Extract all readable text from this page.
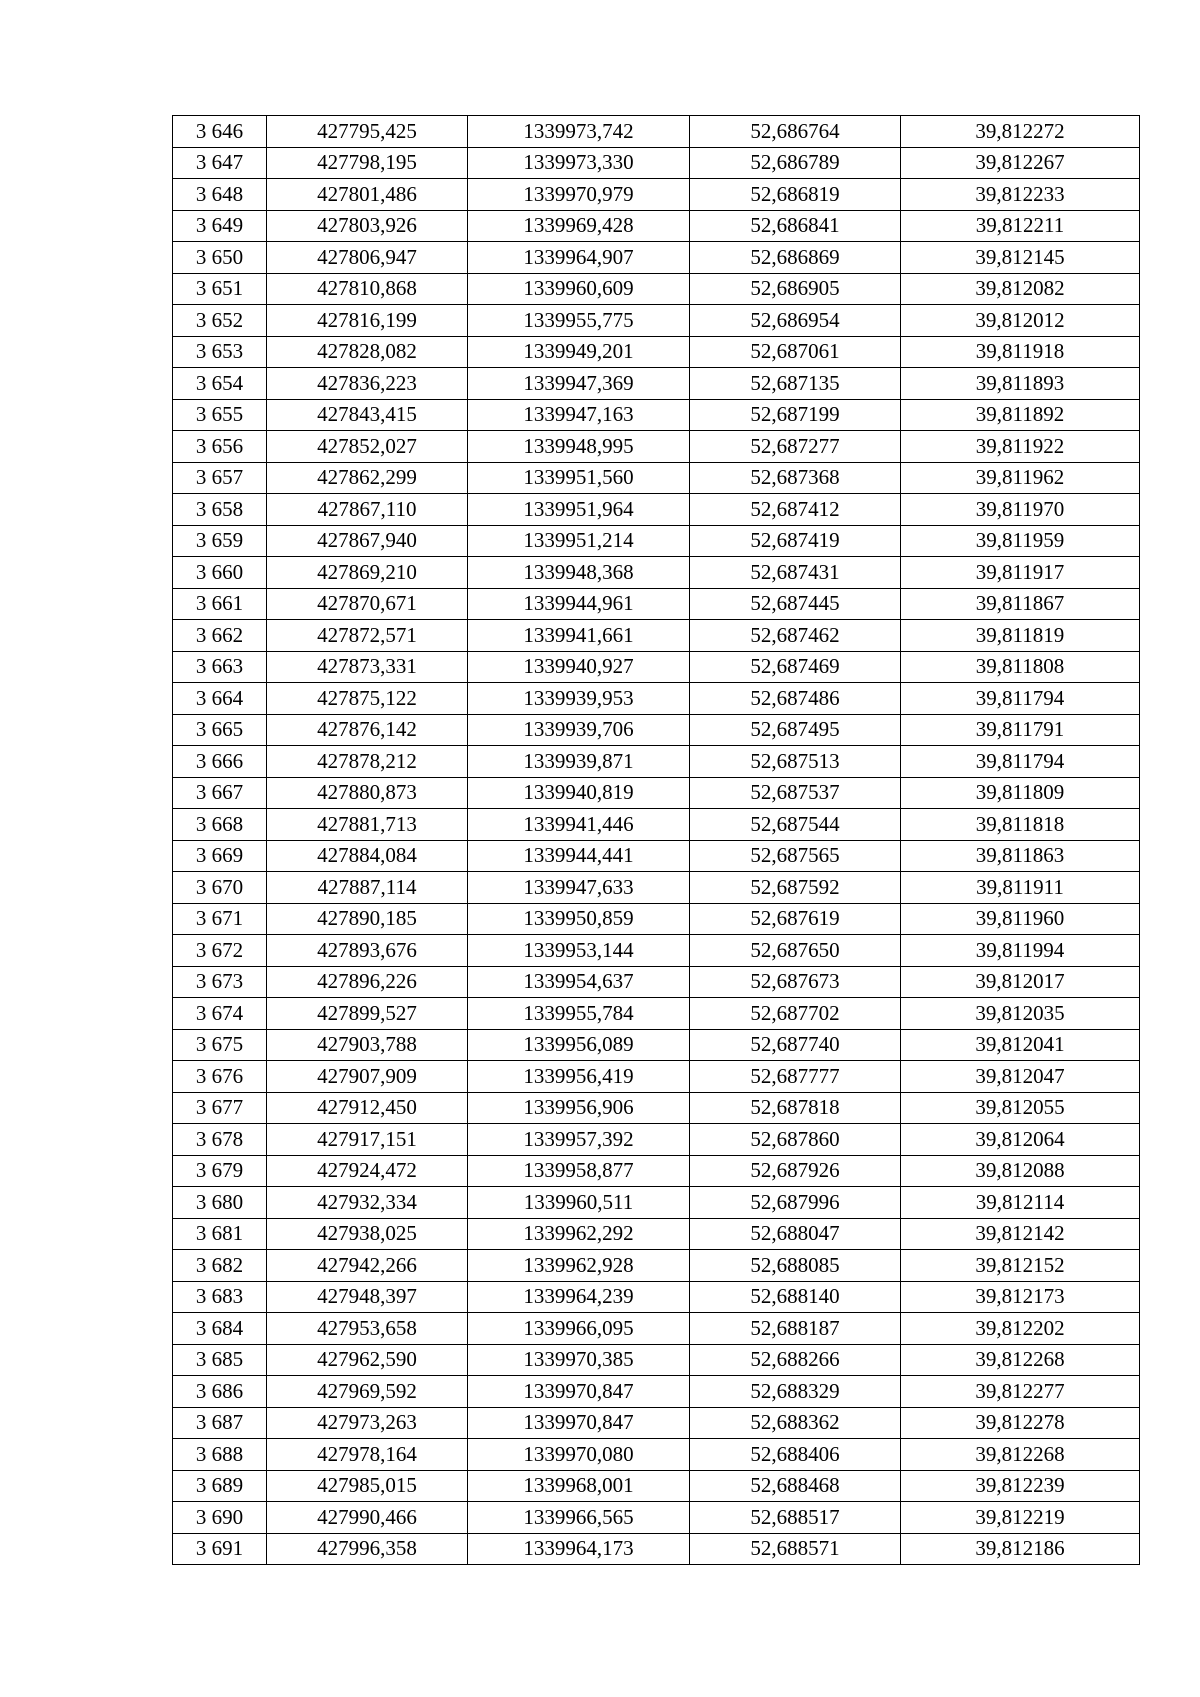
3 646	427795,425	1339973,742	52,686764	39,812272
3 647	427798,195	1339973,330	52,686789	39,812267
3 648	427801,486	1339970,979	52,686819	39,812233
3 649	427803,926	1339969,428	52,686841	39,812211
3 650	427806,947	1339964,907	52,686869	39,812145
3 651	427810,868	1339960,609	52,686905	39,812082
3 652	427816,199	1339955,775	52,686954	39,812012
3 653	427828,082	1339949,201	52,687061	39,811918
3 654	427836,223	1339947,369	52,687135	39,811893
3 655	427843,415	1339947,163	52,687199	39,811892
3 656	427852,027	1339948,995	52,687277	39,811922
3 657	427862,299	1339951,560	52,687368	39,811962
3 658	427867,110	1339951,964	52,687412	39,811970
3 659	427867,940	1339951,214	52,687419	39,811959
3 660	427869,210	1339948,368	52,687431	39,811917
3 661	427870,671	1339944,961	52,687445	39,811867
3 662	427872,571	1339941,661	52,687462	39,811819
3 663	427873,331	1339940,927	52,687469	39,811808
3 664	427875,122	1339939,953	52,687486	39,811794
3 665	427876,142	1339939,706	52,687495	39,811791
3 666	427878,212	1339939,871	52,687513	39,811794
3 667	427880,873	1339940,819	52,687537	39,811809
3 668	427881,713	1339941,446	52,687544	39,811818
3 669	427884,084	1339944,441	52,687565	39,811863
3 670	427887,114	1339947,633	52,687592	39,811911
3 671	427890,185	1339950,859	52,687619	39,811960
3 672	427893,676	1339953,144	52,687650	39,811994
3 673	427896,226	1339954,637	52,687673	39,812017
3 674	427899,527	1339955,784	52,687702	39,812035
3 675	427903,788	1339956,089	52,687740	39,812041
3 676	427907,909	1339956,419	52,687777	39,812047
3 677	427912,450	1339956,906	52,687818	39,812055
3 678	427917,151	1339957,392	52,687860	39,812064
3 679	427924,472	1339958,877	52,687926	39,812088
3 680	427932,334	1339960,511	52,687996	39,812114
3 681	427938,025	1339962,292	52,688047	39,812142
3 682	427942,266	1339962,928	52,688085	39,812152
3 683	427948,397	1339964,239	52,688140	39,812173
3 684	427953,658	1339966,095	52,688187	39,812202
3 685	427962,590	1339970,385	52,688266	39,812268
3 686	427969,592	1339970,847	52,688329	39,812277
3 687	427973,263	1339970,847	52,688362	39,812278
3 688	427978,164	1339970,080	52,688406	39,812268
3 689	427985,015	1339968,001	52,688468	39,812239
3 690	427990,466	1339966,565	52,688517	39,812219
3 691	427996,358	1339964,173	52,688571	39,812186
